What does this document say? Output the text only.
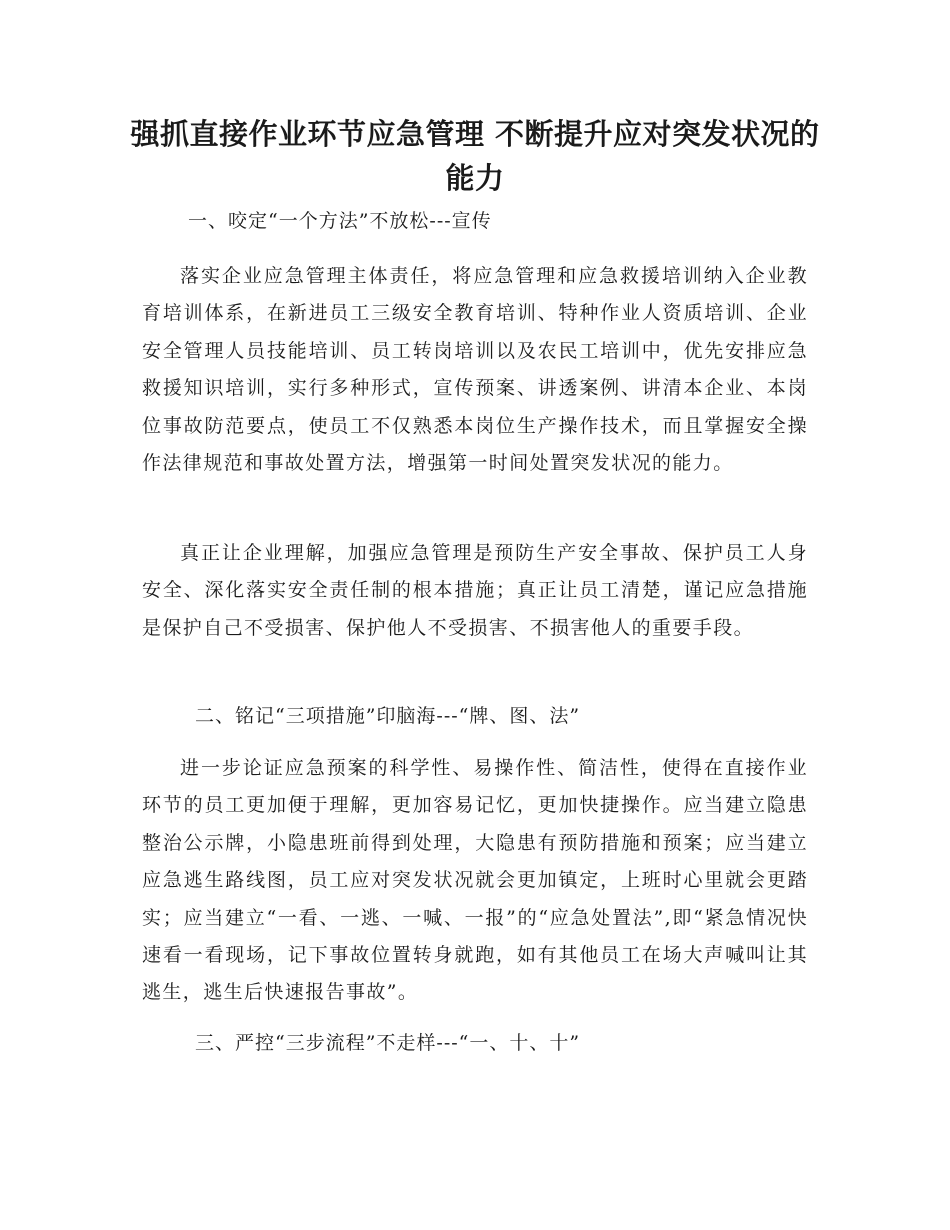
强抓直接作业环节应急管理 不断提升应对突发状况的能力

一、咬定“一个方法”不放松---宣传

落实企业应急管理主体责任，将应急管理和应急救援培训纳入企业教育培训体系，在新进员工三级安全教育培训、特种作业人资质培训、企业安全管理人员技能培训、员工转岗培训以及农民工培训中，优先安排应急救援知识培训，实行多种形式，宣传预案、讲透案例、讲清本企业、本岗位事故防范要点，使员工不仅熟悉本岗位生产操作技术，而且掌握安全操作法律规范和事故处置方法，增强第一时间处置突发状况的能力。

真正让企业理解，加强应急管理是预防生产安全事故、保护员工人身安全、深化落实安全责任制的根本措施；真正让员工清楚，谨记应急措施是保护自己不受损害、保护他人不受损害、不损害他人的重要手段。

二、铭记“三项措施”印脑海---“牌、图、法”

进一步论证应急预案的科学性、易操作性、简洁性，使得在直接作业环节的员工更加便于理解，更加容易记忆，更加快捷操作。应当建立隐患整治公示牌，小隐患班前得到处理，大隐患有预防措施和预案；应当建立应急逃生路线图，员工应对突发状况就会更加镇定，上班时心里就会更踏实；应当建立“一看、一逃、一喊、一报”的“应急处置法”,即“紧急情况快速看一看现场，记下事故位置转身就跑，如有其他员工在场大声喊叫让其逃生，逃生后快速报告事故”。

三、严控“三步流程”不走样---“一、十、十”
